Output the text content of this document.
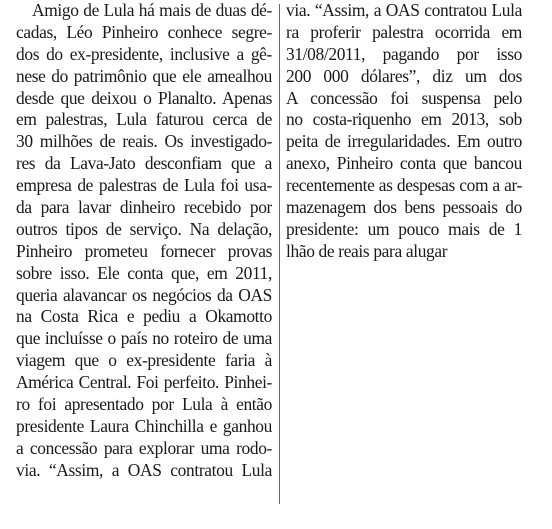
Amigo de Lula há mais de duas dé-
cadas, Léo Pinheiro conhece segre-
dos do ex-presidente, inclusive a gê-
nese do patrimônio que ele amealhou
desde que deixou o Planalto. Apenas
em palestras, Lula faturou cerca de
30 milhões de reais. Os investigado-
res da Lava-Jato desconfiam que a
empresa de palestras de Lula foi usa-
da para lavar dinheiro recebido por
outros tipos de serviço. Na delação,
Pinheiro prometeu fornecer provas
sobre isso. Ele conta que, em 2011,
queria alavancar os negócios da OAS
na Costa Rica e pediu a Okamotto
que incluísse o país no roteiro de uma
viagem que o ex-presidente faria à
América Central. Foi perfeito. Pinhei-
ro foi apresentado por Lula à então
presidente Laura Chinchilla e ganhou
a concessão para explorar uma rodo-
via. “Assim, a OAS contratou Lula
via. “Assim, a OAS contratou Lula
ra proferir palestra ocorrida em
31/08/2011, pagando por isso
200 000 dólares”, diz um dos
A concessão foi suspensa pelo
no costa-riquenho em 2013, sob
peita de irregularidades. Em outro
anexo, Pinheiro conta que bancou
recentemente as despesas com a ar-
mazenagem dos bens pessoais do
presidente: um pouco mais de 1
lhão de reais para alugar
